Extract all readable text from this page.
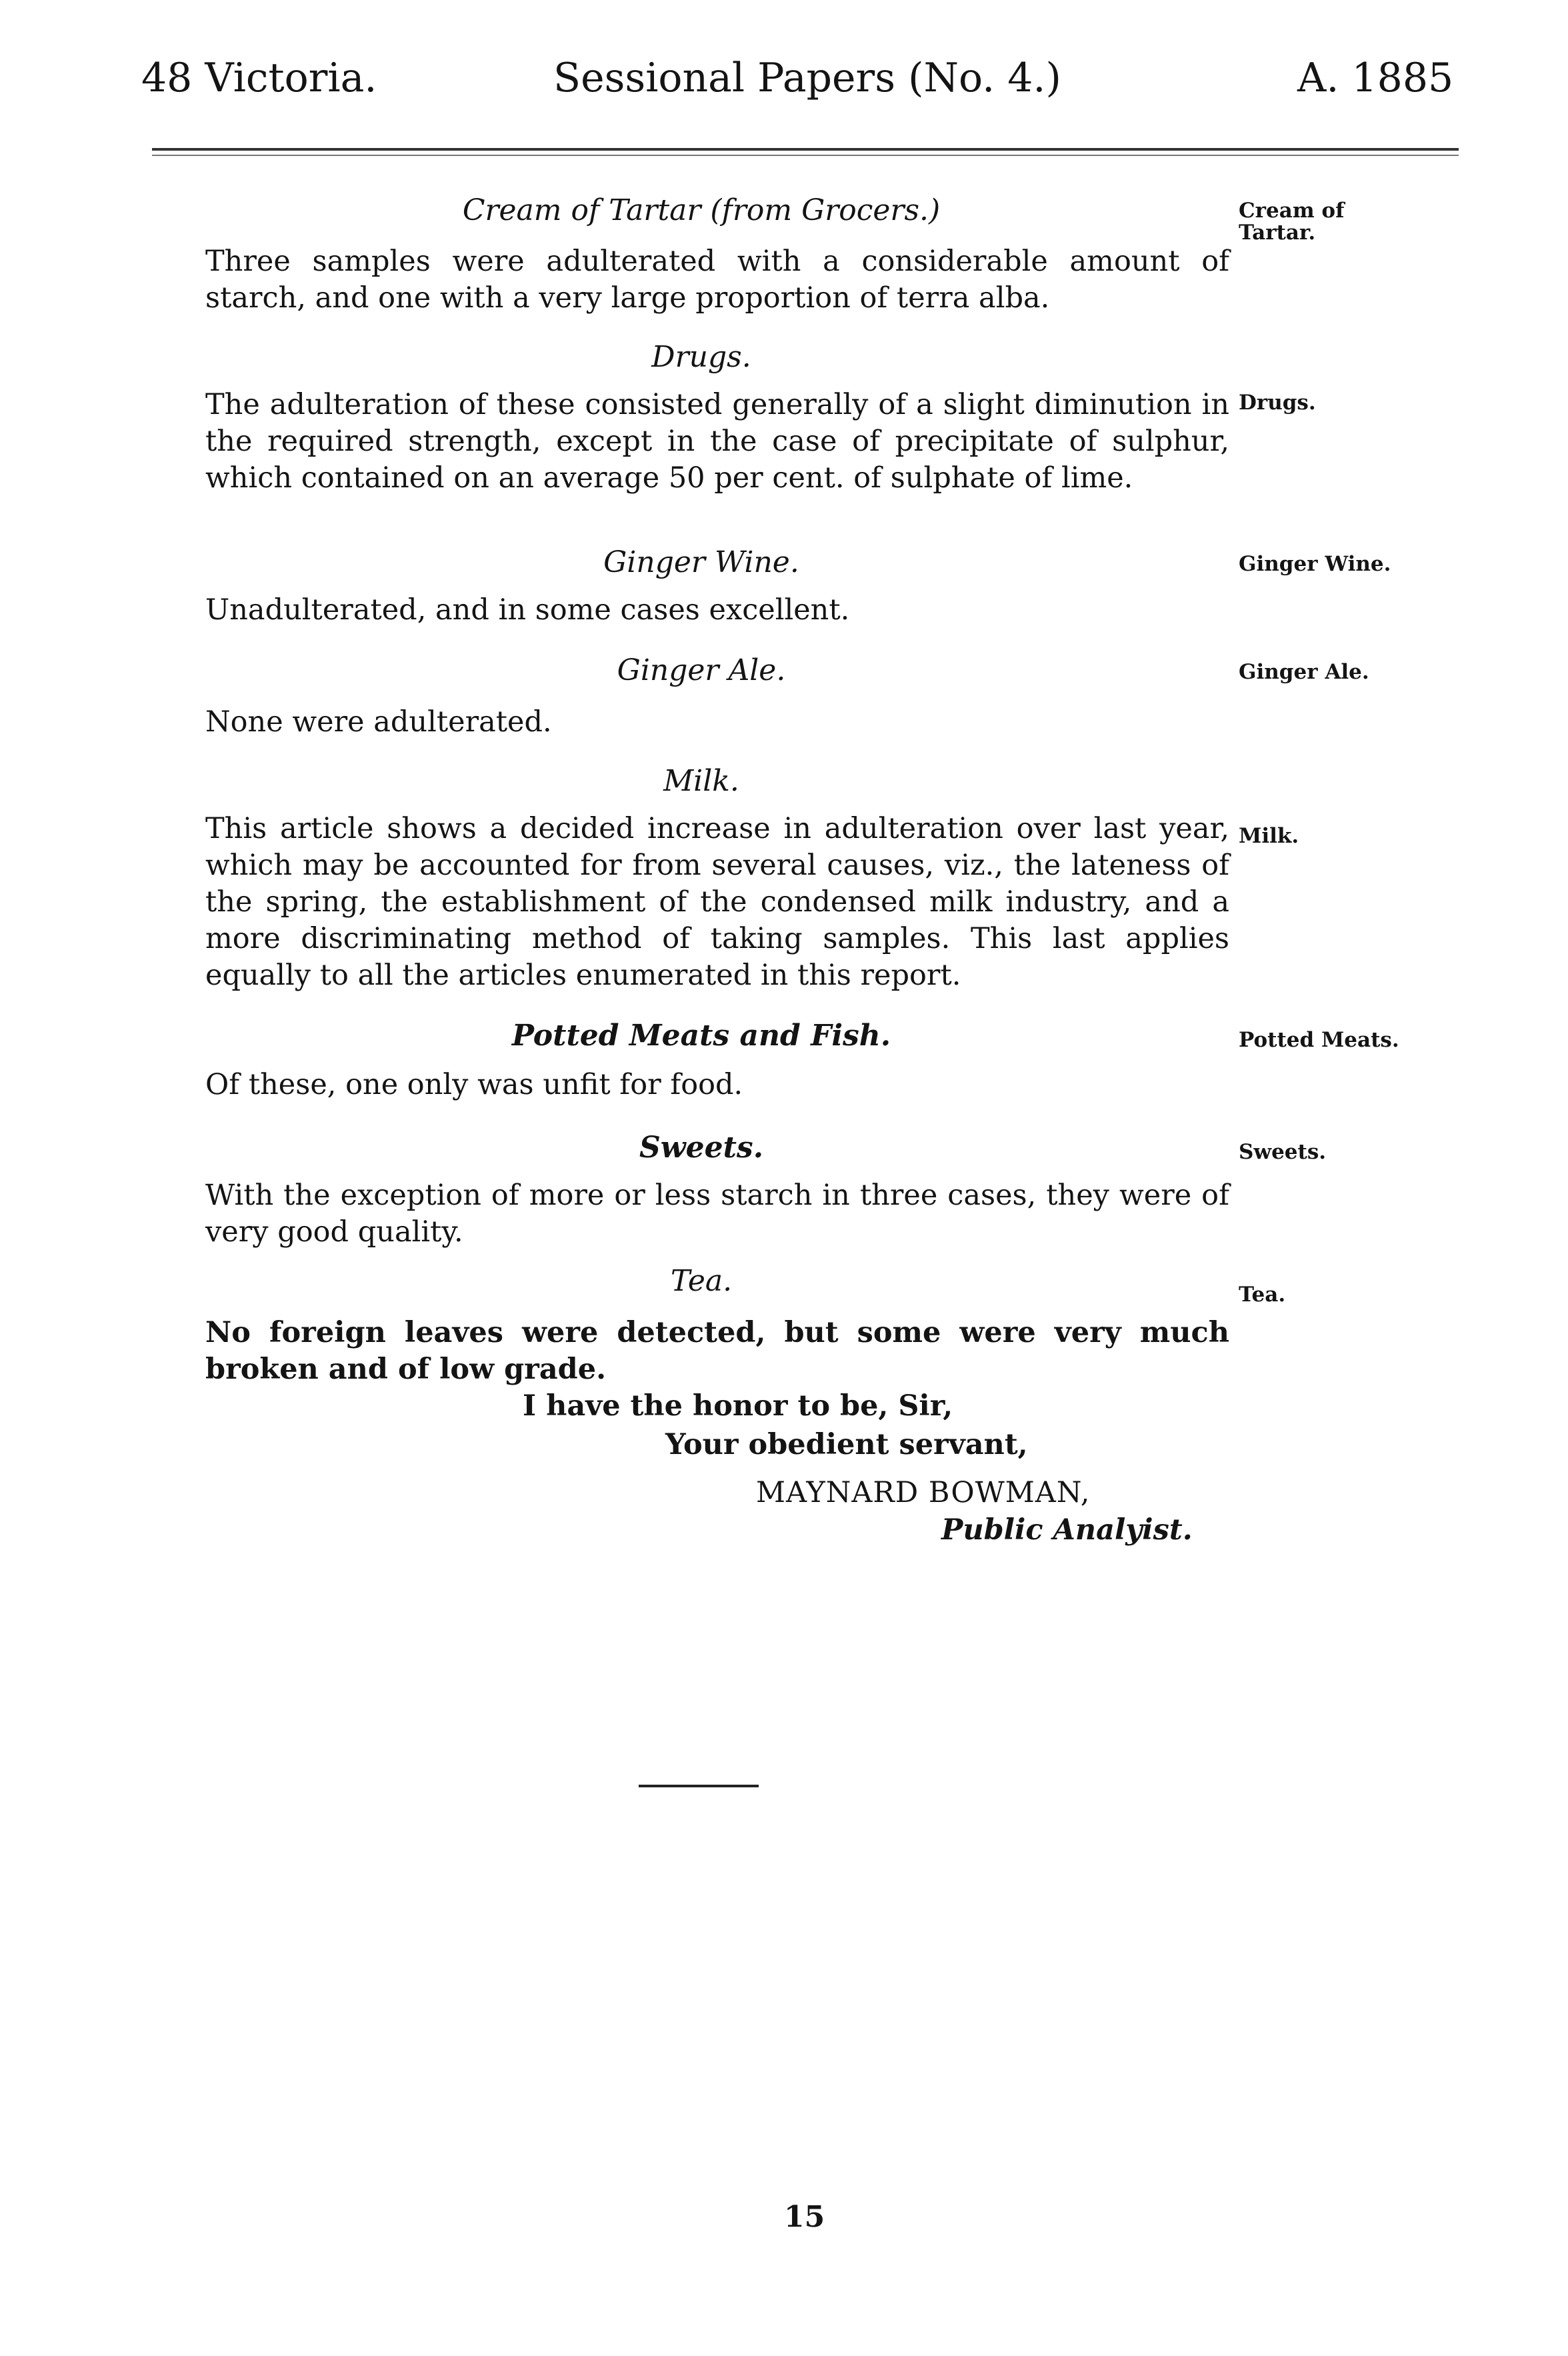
48 Victoria.	Sessional Papers (No. 4.)	A. 1885
Cream of Tartar (from Grocers.)	Cream of
Tartar.
Three samples were adulterated with a considerable amount of starch, and one with a very large proportion of terra alba.
Drugs.
Drugs.
The adulteration of these consisted generally of a slight diminution in the required strength, except in the case of precipitate of sulphur, which contained on an average 50 per cent. of sulphate of lime.
Ginger Wine.	Ginger Wine.
Unadulterated, and in some cases excellent.
Ginger Ale.	Ginger Ale.
None were adulterated.
Milk.
Milk.
This article shows a decided increase in adulteration over last year, which may be accounted for from several causes, viz., the lateness of the spring, the establishment of the condensed milk industry, and a more discriminating method of taking samples. This last applies equally to all the articles enumerated in this report.
Potted Meats and Fish.	Potted Meats.
Of these, one only was unfit for food.
Sweets.	Sweets.
With the exception of more or less starch in three cases, they were of very good quality.
Tea.	Tea.
No foreign leaves were detected, but some were very much broken and of low grade.
I have the honor to be, Sir,
Your obedient servant,
MAYNARD BOWMAN,
Public Analyist.
15
